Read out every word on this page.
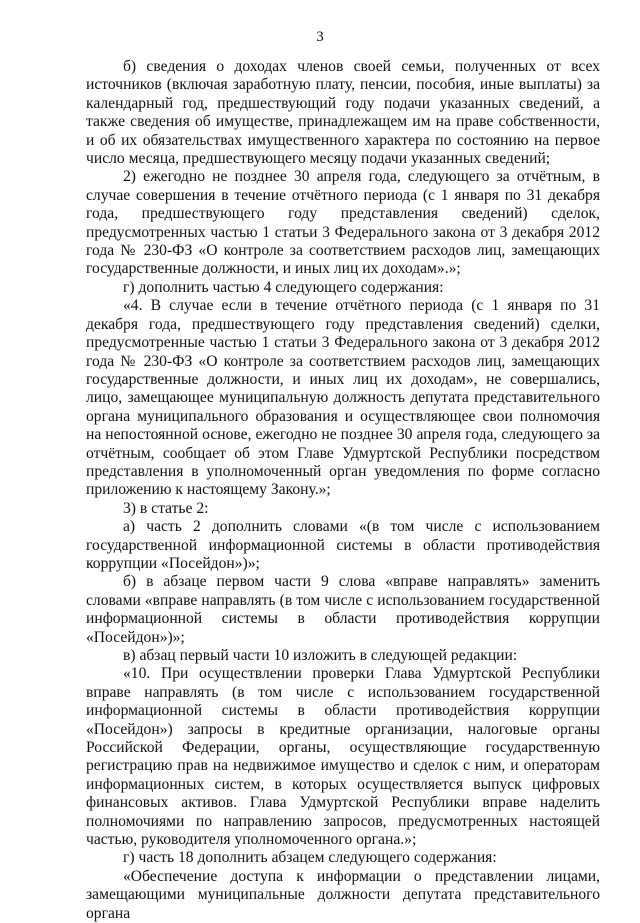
3

б) сведения о доходах членов своей семьи, полученных от всех источников (включая заработную плату, пенсии, пособия, иные выплаты) за календарный год, предшествующий году подачи указанных сведений, а также сведения об имуществе, принадлежащем им на праве собственности, и об их обязательствах имущественного характера по состоянию на первое число месяца, предшествующего месяцу подачи указанных сведений;

2) ежегодно не позднее 30 апреля года, следующего за отчётным, в случае совершения в течение отчётного периода (с 1 января по 31 декабря года, предшествующего году представления сведений) сделок, предусмотренных частью 1 статьи 3 Федерального закона от 3 декабря 2012 года № 230-ФЗ «О контроле за соответствием расходов лиц, замещающих государственные должности, и иных лиц их доходам».»;

г) дополнить частью 4 следующего содержания:

«4. В случае если в течение отчётного периода (с 1 января по 31 декабря года, предшествующего году представления сведений) сделки, предусмотренные частью 1 статьи 3 Федерального закона от 3 декабря 2012 года № 230-ФЗ «О контроле за соответствием расходов лиц, замещающих государственные должности, и иных лиц их доходам», не совершались, лицо, замещающее муниципальную должность депутата представительного органа муниципального образования и осуществляющее свои полномочия на непостоянной основе, ежегодно не позднее 30 апреля года, следующего за отчётным, сообщает об этом Главе Удмуртской Республики посредством представления в уполномоченный орган уведомления по форме согласно приложению к настоящему Закону.»;

3) в статье 2:

а) часть 2 дополнить словами «(в том числе с использованием государственной информационной системы в области противодействия коррупции «Посейдон»)»;

б) в абзаце первом части 9 слова «вправе направлять» заменить словами «вправе направлять (в том числе с использованием государственной информационной системы в области противодействия коррупции «Посейдон»)»;

в) абзац первый части 10 изложить в следующей редакции:

«10. При осуществлении проверки Глава Удмуртской Республики вправе направлять (в том числе с использованием государственной информационной системы в области противодействия коррупции «Посейдон») запросы в кредитные организации, налоговые органы Российской Федерации, органы, осуществляющие государственную регистрацию прав на недвижимое имущество и сделок с ним, и операторам информационных систем, в которых осуществляется выпуск цифровых финансовых активов. Глава Удмуртской Республики вправе наделить полномочиями по направлению запросов, предусмотренных настоящей частью, руководителя уполномоченного органа.»;

г) часть 18 дополнить абзацем следующего содержания:

«Обеспечение доступа к информации о представлении лицами, замещающими муниципальные должности депутата представительного органа
